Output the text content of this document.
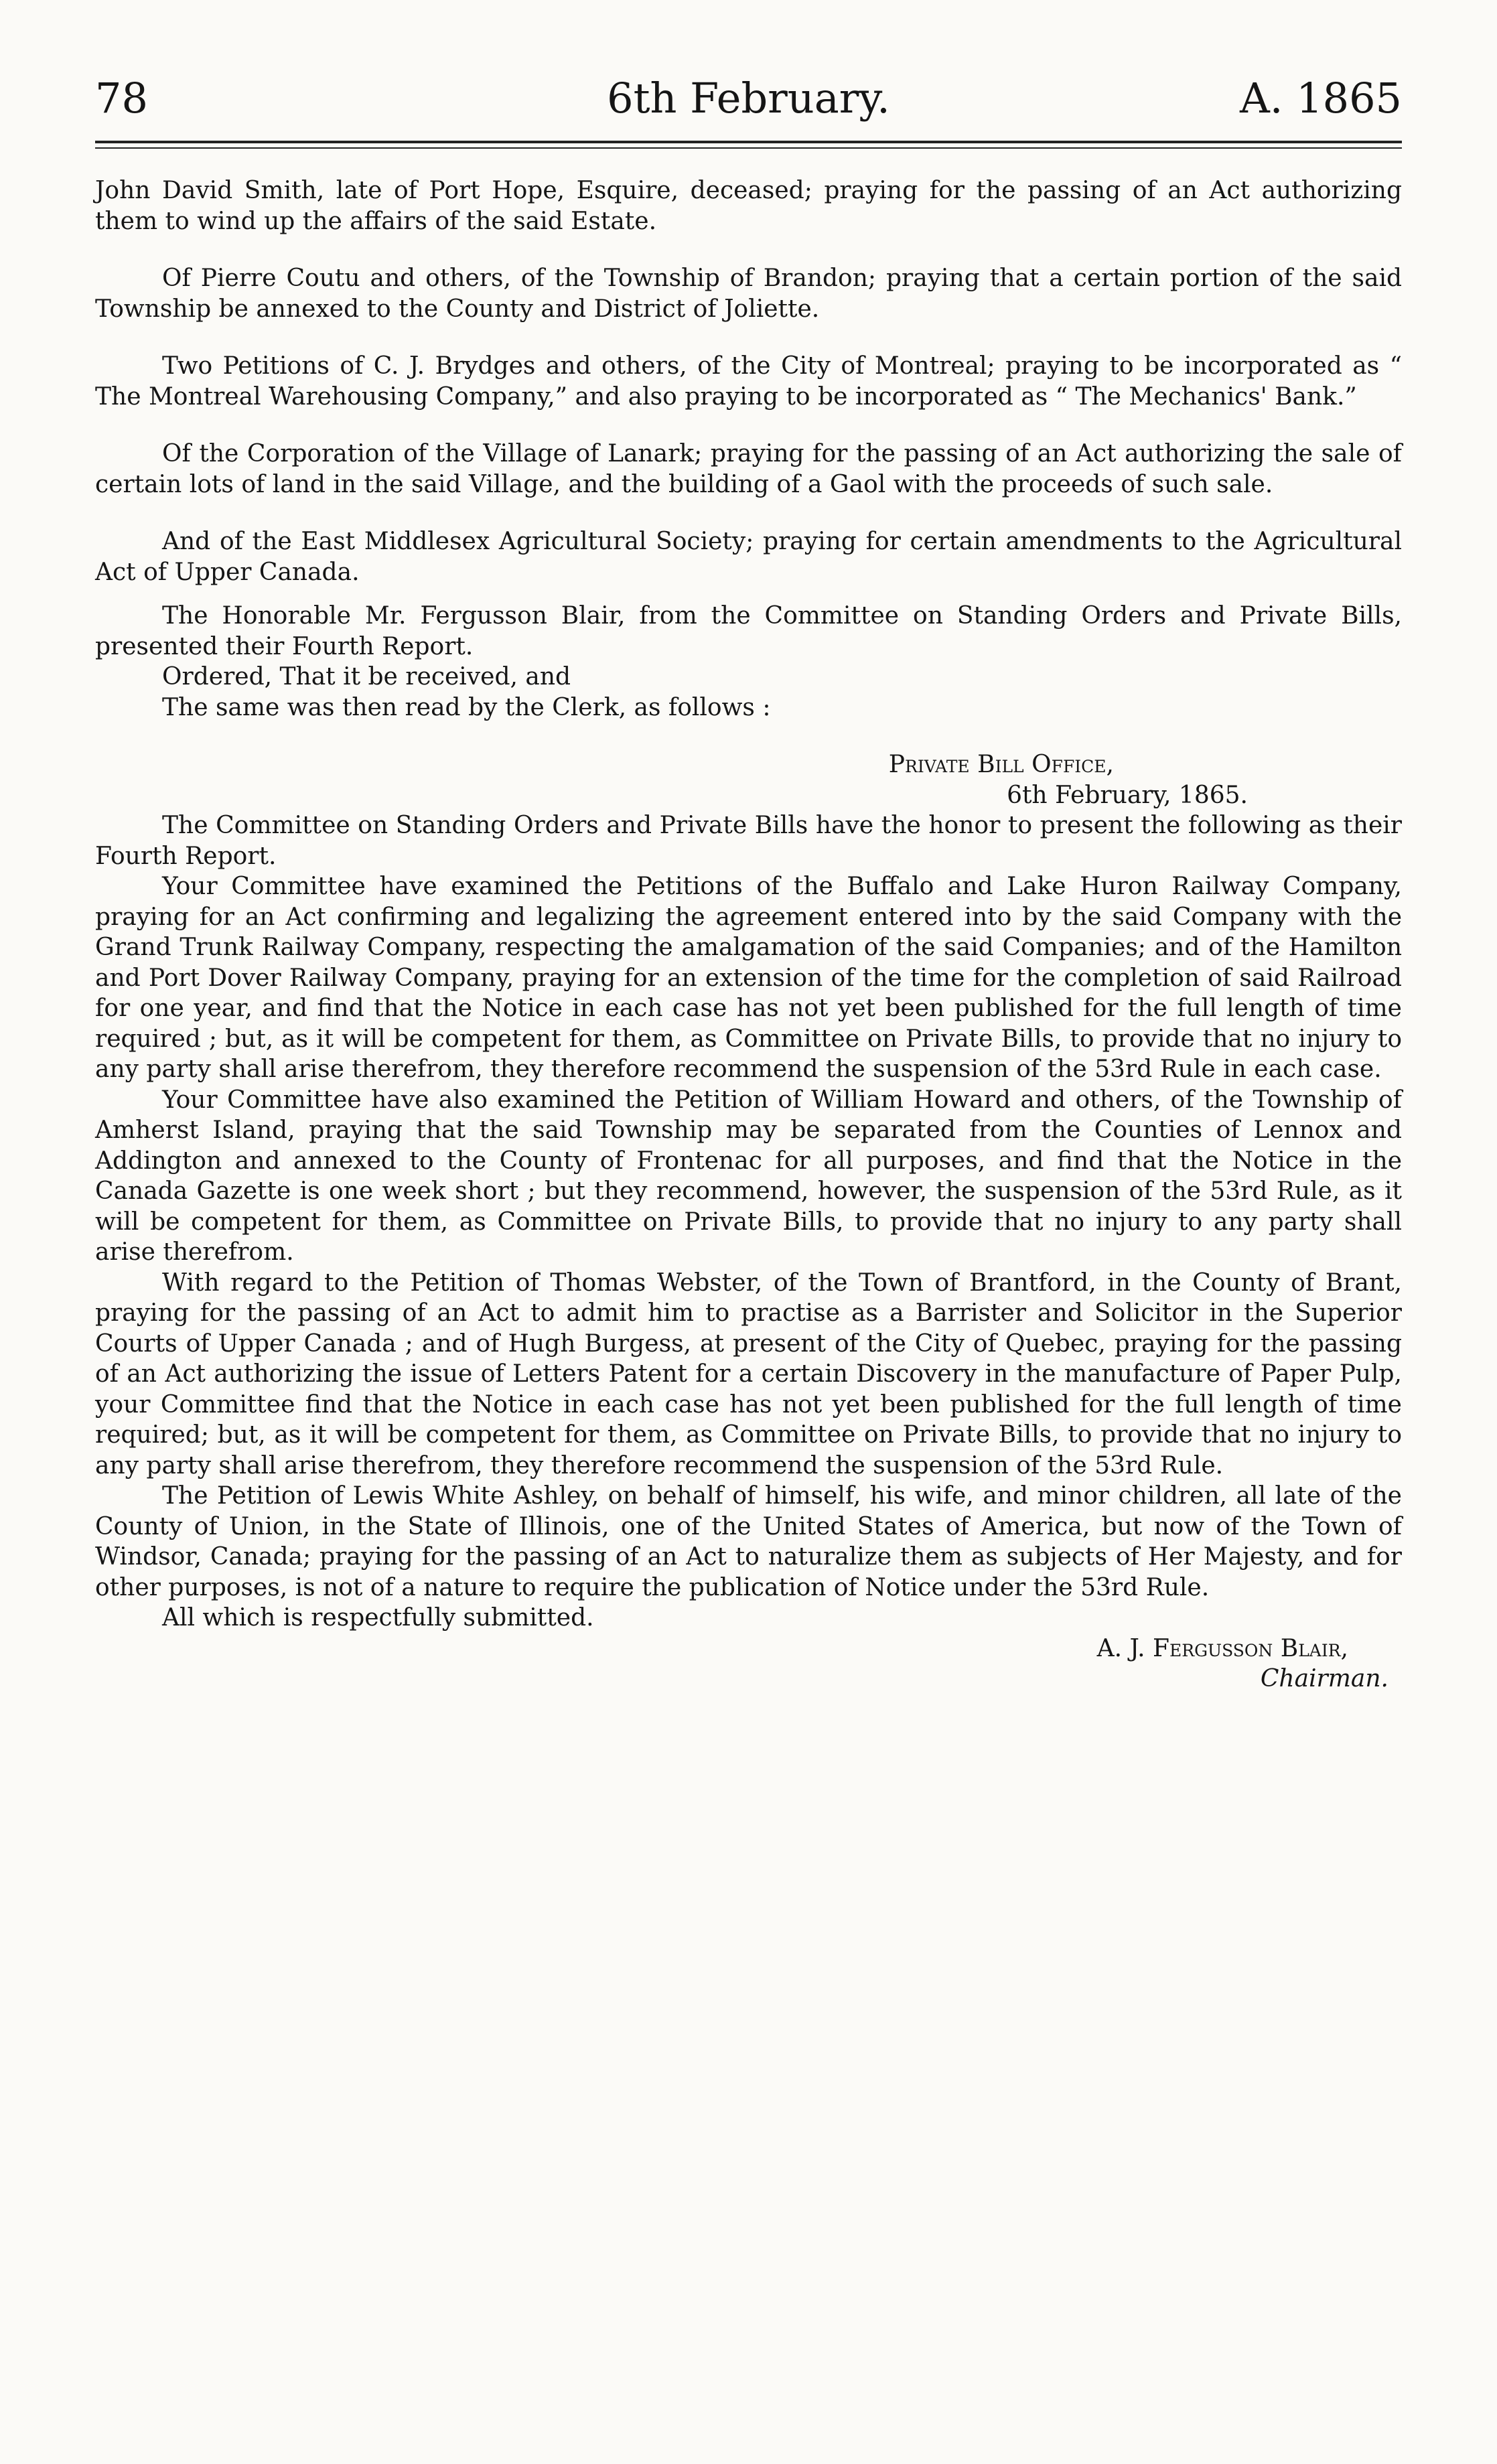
78	6th February.	A. 1865

John David Smith, late of Port Hope, Esquire, deceased; praying for the passing of an Act authorizing them to wind up the affairs of the said Estate.

Of Pierre Coutu and others, of the Township of Brandon; praying that a certain portion of the said Township be annexed to the County and District of Joliette.

Two Petitions of C. J. Brydges and others, of the City of Montreal; praying to be incorporated as “ The Montreal Warehousing Company,” and also praying to be incorporated as “ The Mechanics' Bank.”

Of the Corporation of the Village of Lanark; praying for the passing of an Act authorizing the sale of certain lots of land in the said Village, and the building of a Gaol with the proceeds of such sale.

And of the East Middlesex Agricultural Society; praying for certain amendments to the Agricultural Act of Upper Canada.

The Honorable Mr. Fergusson Blair, from the Committee on Standing Orders and Private Bills, presented their Fourth Report.

Ordered, That it be received, and

The same was then read by the Clerk, as follows :

Private Bill Office,

6th February, 1865.

The Committee on Standing Orders and Private Bills have the honor to present the following as their Fourth Report.

Your Committee have examined the Petitions of the Buffalo and Lake Huron Railway Company, praying for an Act confirming and legalizing the agreement entered into by the said Company with the Grand Trunk Railway Company, respecting the amalgamation of the said Companies; and of the Hamilton and Port Dover Railway Company, praying for an extension of the time for the completion of said Railroad for one year, and find that the Notice in each case has not yet been published for the full length of time required ; but, as it will be competent for them, as Committee on Private Bills, to provide that no injury to any party shall arise therefrom, they therefore recommend the suspension of the 53rd Rule in each case.

Your Committee have also examined the Petition of William Howard and others, of the Township of Amherst Island, praying that the said Township may be separated from the Counties of Lennox and Addington and annexed to the County of Frontenac for all purposes, and find that the Notice in the Canada Gazette is one week short ; but they recommend, however, the suspension of the 53rd Rule, as it will be competent for them, as Committee on Private Bills, to provide that no injury to any party shall arise therefrom.

With regard to the Petition of Thomas Webster, of the Town of Brantford, in the County of Brant, praying for the passing of an Act to admit him to practise as a Barrister and Solicitor in the Superior Courts of Upper Canada ; and of Hugh Burgess, at present of the City of Quebec, praying for the passing of an Act authorizing the issue of Letters Patent for a certain Discovery in the manufacture of Paper Pulp, your Committee find that the Notice in each case has not yet been published for the full length of time required; but, as it will be competent for them, as Committee on Private Bills, to provide that no injury to any party shall arise therefrom, they therefore recommend the suspension of the 53rd Rule.

The Petition of Lewis White Ashley, on behalf of himself, his wife, and minor children, all late of the County of Union, in the State of Illinois, one of the United States of America, but now of the Town of Windsor, Canada; praying for the passing of an Act to naturalize them as subjects of Her Majesty, and for other purposes, is not of a nature to require the publication of Notice under the 53rd Rule.

All which is respectfully submitted.

A. J. Fergusson Blair,

Chairman.
